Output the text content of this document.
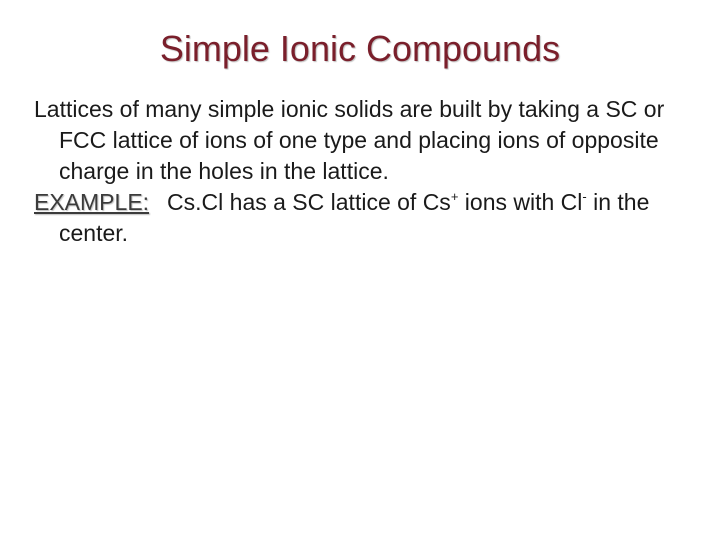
Simple Ionic Compounds

Lattices of many simple ionic solids are built by taking a SC or FCC lattice of ions of one type and placing ions of opposite charge in the holes in the lattice.

EXAMPLE: Cs.Cl has a SC lattice of Cs+ ions with Cl- in the center.
